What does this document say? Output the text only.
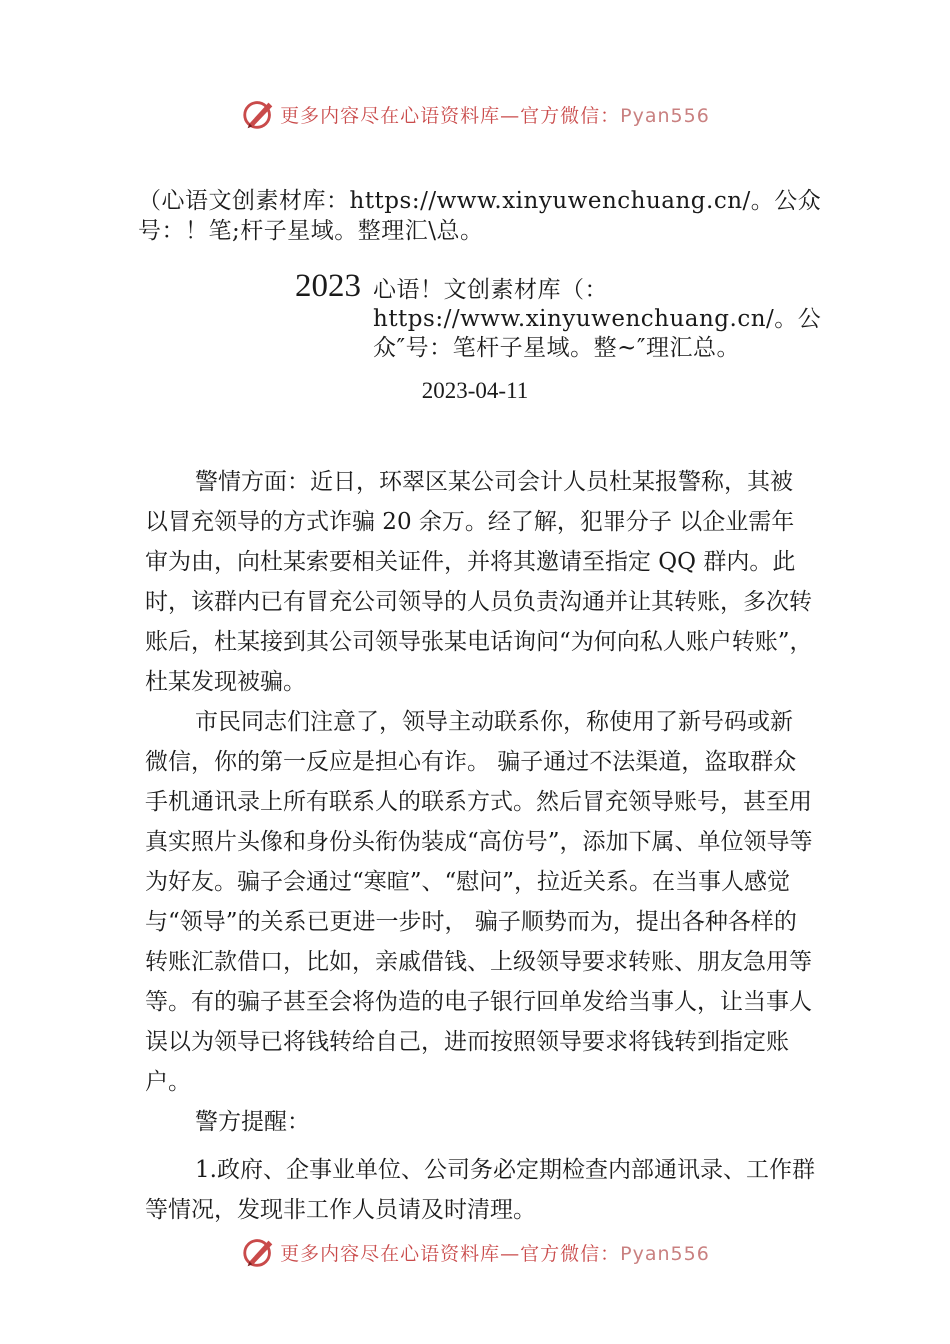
更多内容尽在心语资料库—官方微信：Pyan556
（心语文创素材库：https://www.xinyuwenchuang.cn/。公众号：！笔;杆子星域。整理汇\总。
2023 心语！文创素材库（：https://www.xinyuwenchuang.cn/。公众″号：笔杆子星域。整~″理汇总。
2023-04-11

警情方面：近日，环翠区某公司会计人员杜某报警称，其被以冒充领导的方式诈骗 20 余万。经了解，犯罪分子 以企业需年审为由，向杜某索要相关证件，并将其邀请至指定 QQ 群内。此时，该群内已有冒充公司领导的人员负责沟通并让其转账，多次转账后，杜某接到其公司领导张某电话询问“为何向私人账户转账”，杜某发现被骗。

市民同志们注意了，领导主动联系你，称使用了新号码或新微信，你的第一反应是担心有诈。 骗子通过不法渠道，盗取群众手机通讯录上所有联系人的联系方式。然后冒充领导账号，甚至用真实照片头像和身份头衔伪装成“高仿号”，添加下属、单位领导等为好友。骗子会通过“寒暄”、“慰问”，拉近关系。在当事人感觉与“领导”的关系已更进一步时， 骗子顺势而为，提出各种各样的转账汇款借口，比如，亲戚借钱、上级领导要求转账、朋友急用等等。有的骗子甚至会将伪造的电子银行回单发给当事人，让当事人误以为领导已将钱转给自己，进而按照领导要求将钱转到指定账户。

警方提醒：

1.政府、企事业单位、公司务必定期检查内部通讯录、工作群等情况，发现非工作人员请及时清理。

更多内容尽在心语资料库—官方微信：Pyan556
